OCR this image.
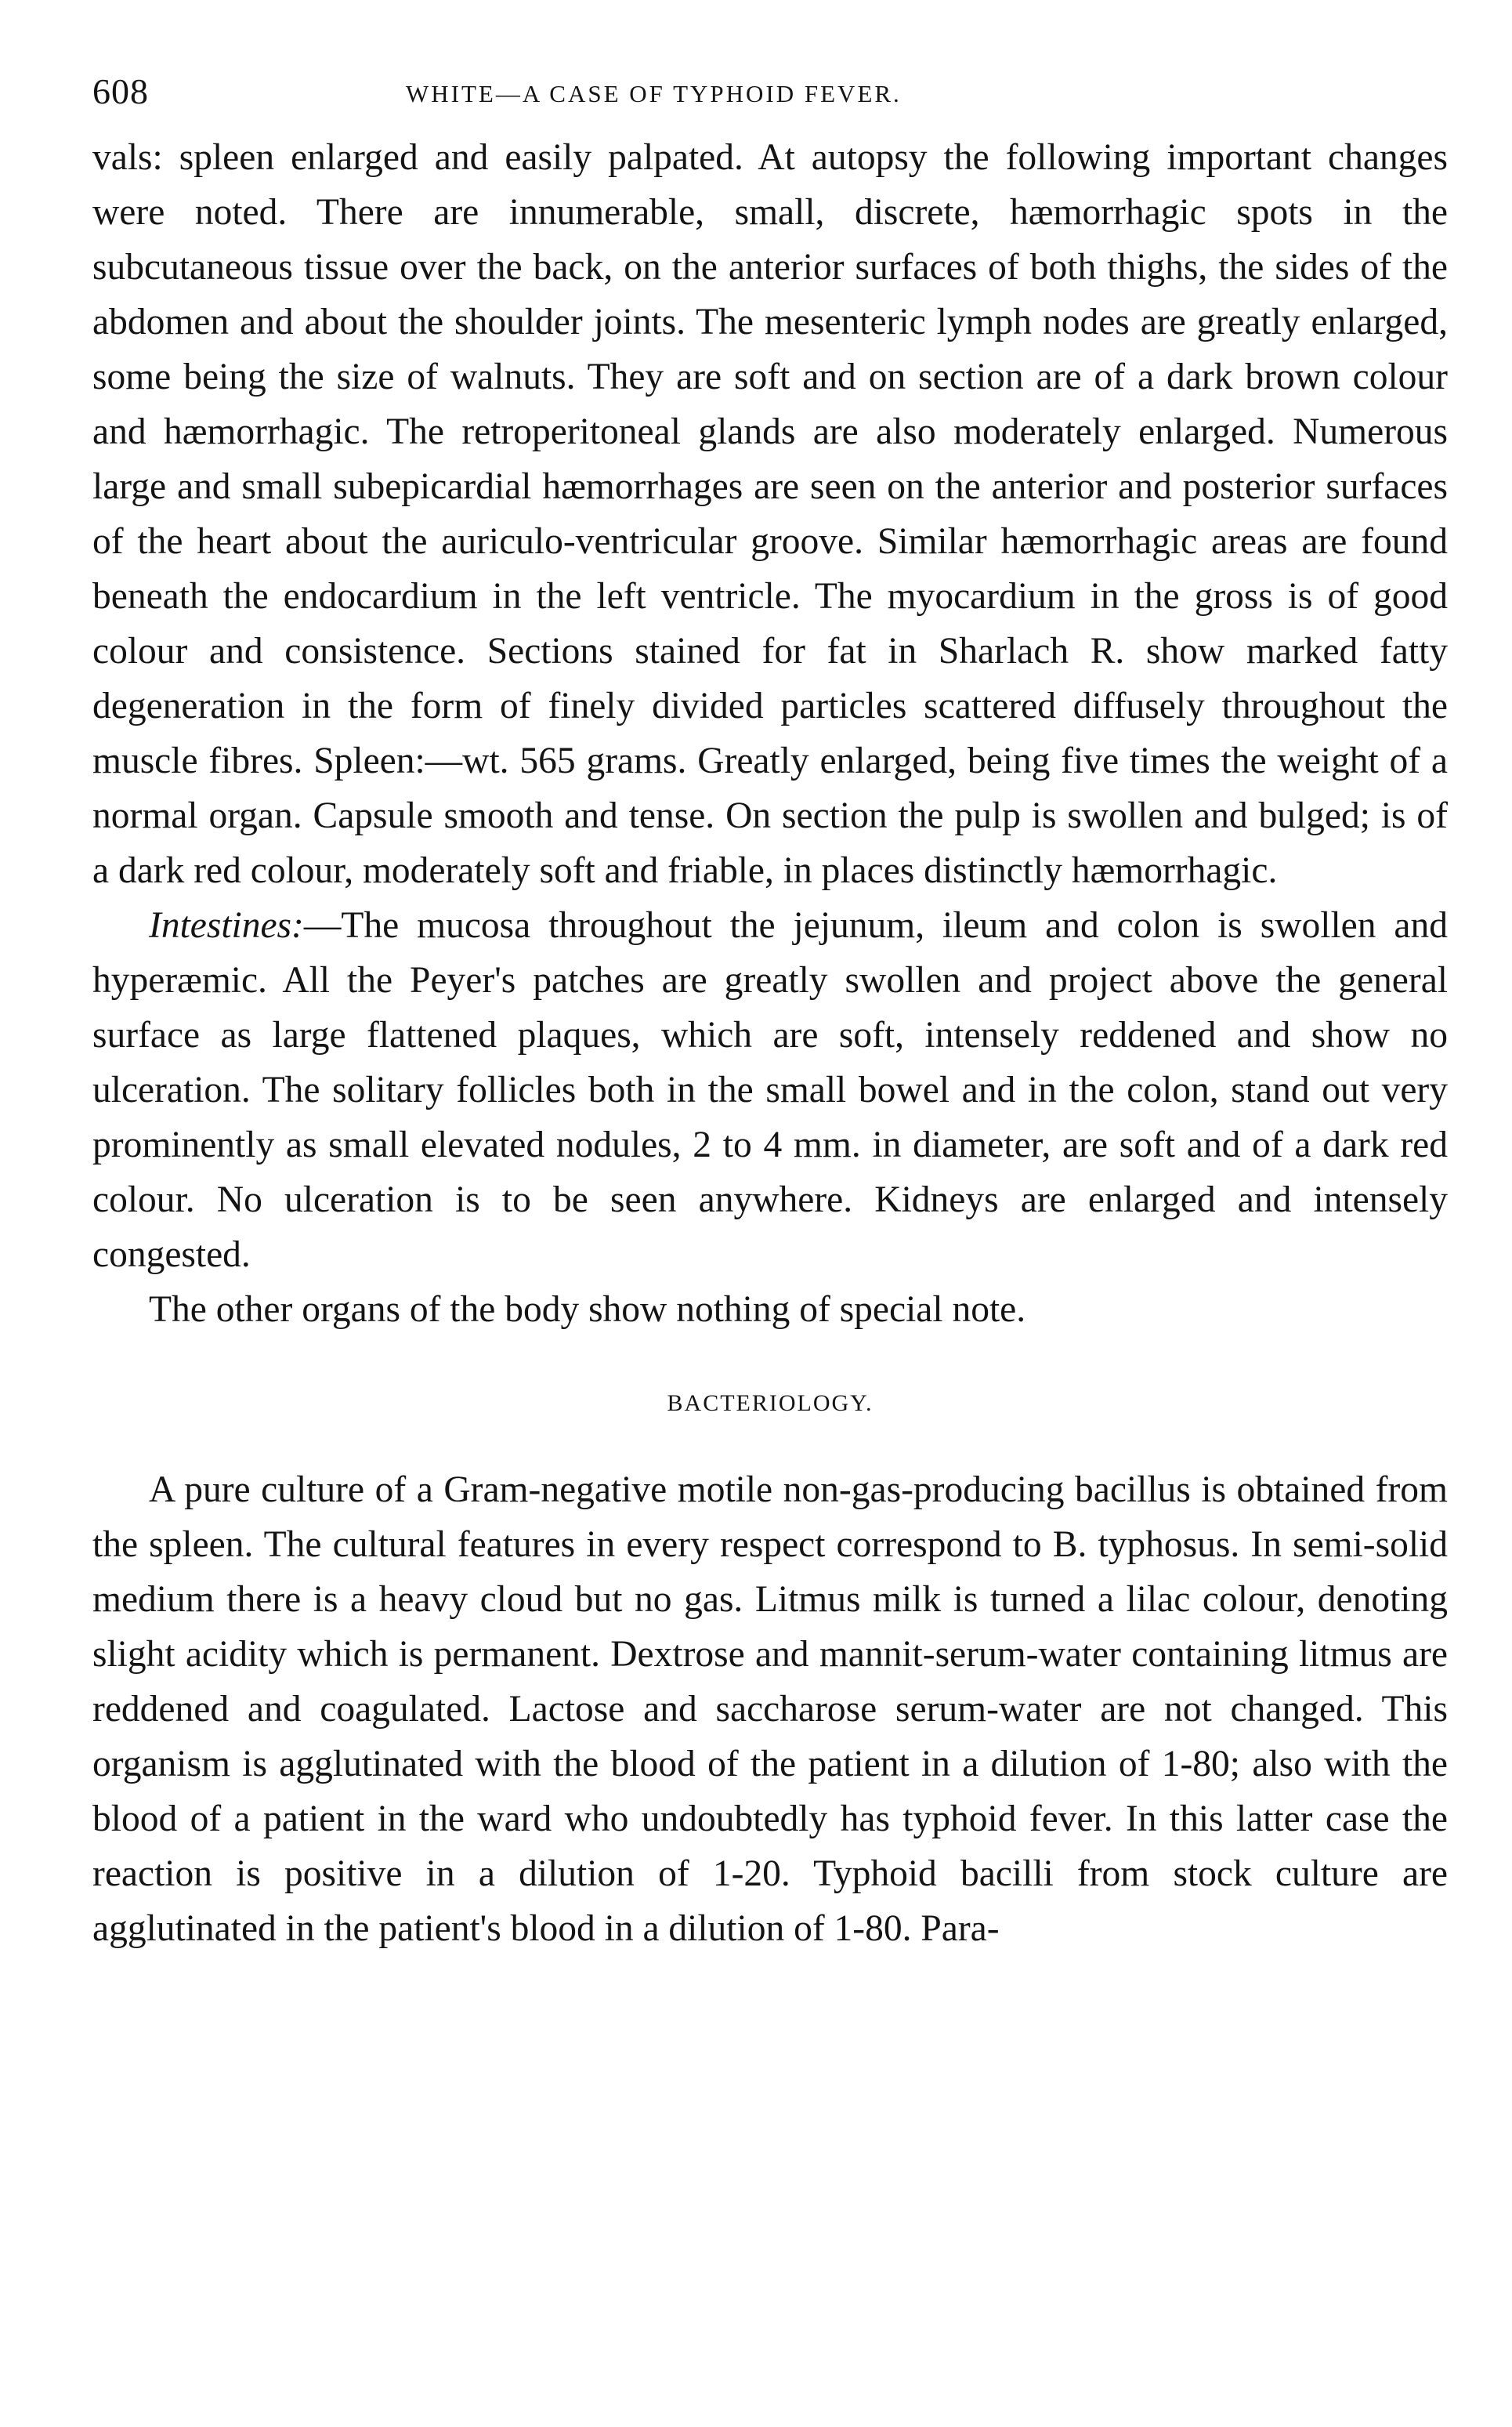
608	WHITE—A CASE OF TYPHOID FEVER.

vals: spleen enlarged and easily palpated. At autopsy the following important changes were noted. There are innumerable, small, discrete, hæmorrhagic spots in the subcutaneous tissue over the back, on the anterior surfaces of both thighs, the sides of the abdomen and about the shoulder joints. The mesenteric lymph nodes are greatly enlarged, some being the size of walnuts. They are soft and on section are of a dark brown colour and hæmorrhagic. The retroperitoneal glands are also moderately enlarged. Numerous large and small subepicardial hæmorrhages are seen on the anterior and posterior surfaces of the heart about the auriculo-ventricular groove. Similar hæmorrhagic areas are found beneath the endocardium in the left ventricle. The myocardium in the gross is of good colour and consistence. Sections stained for fat in Sharlach R. show marked fatty degeneration in the form of finely divided particles scattered diffusely throughout the muscle fibres. Spleen:—wt. 565 grams. Greatly enlarged, being five times the weight of a normal organ. Capsule smooth and tense. On section the pulp is swollen and bulged; is of a dark red colour, moderately soft and friable, in places distinctly hæmorrhagic.

Intestines:—The mucosa throughout the jejunum, ileum and colon is swollen and hyperæmic. All the Peyer's patches are greatly swollen and project above the general surface as large flattened plaques, which are soft, intensely reddened and show no ulceration. The solitary follicles both in the small bowel and in the colon, stand out very prominently as small elevated nodules, 2 to 4 mm. in diameter, are soft and of a dark red colour. No ulceration is to be seen anywhere. Kidneys are enlarged and intensely congested.

The other organs of the body show nothing of special note.

BACTERIOLOGY.

A pure culture of a Gram-negative motile non-gas-producing bacillus is obtained from the spleen. The cultural features in every respect correspond to B. typhosus. In semi-solid medium there is a heavy cloud but no gas. Litmus milk is turned a lilac colour, denoting slight acidity which is permanent. Dextrose and mannit-serum-water containing litmus are reddened and coagulated. Lactose and saccharose serum-water are not changed. This organism is agglutinated with the blood of the patient in a dilution of 1-80; also with the blood of a patient in the ward who undoubtedly has typhoid fever. In this latter case the reaction is positive in a dilution of 1-20. Typhoid bacilli from stock culture are agglutinated in the patient's blood in a dilution of 1-80. Para-
